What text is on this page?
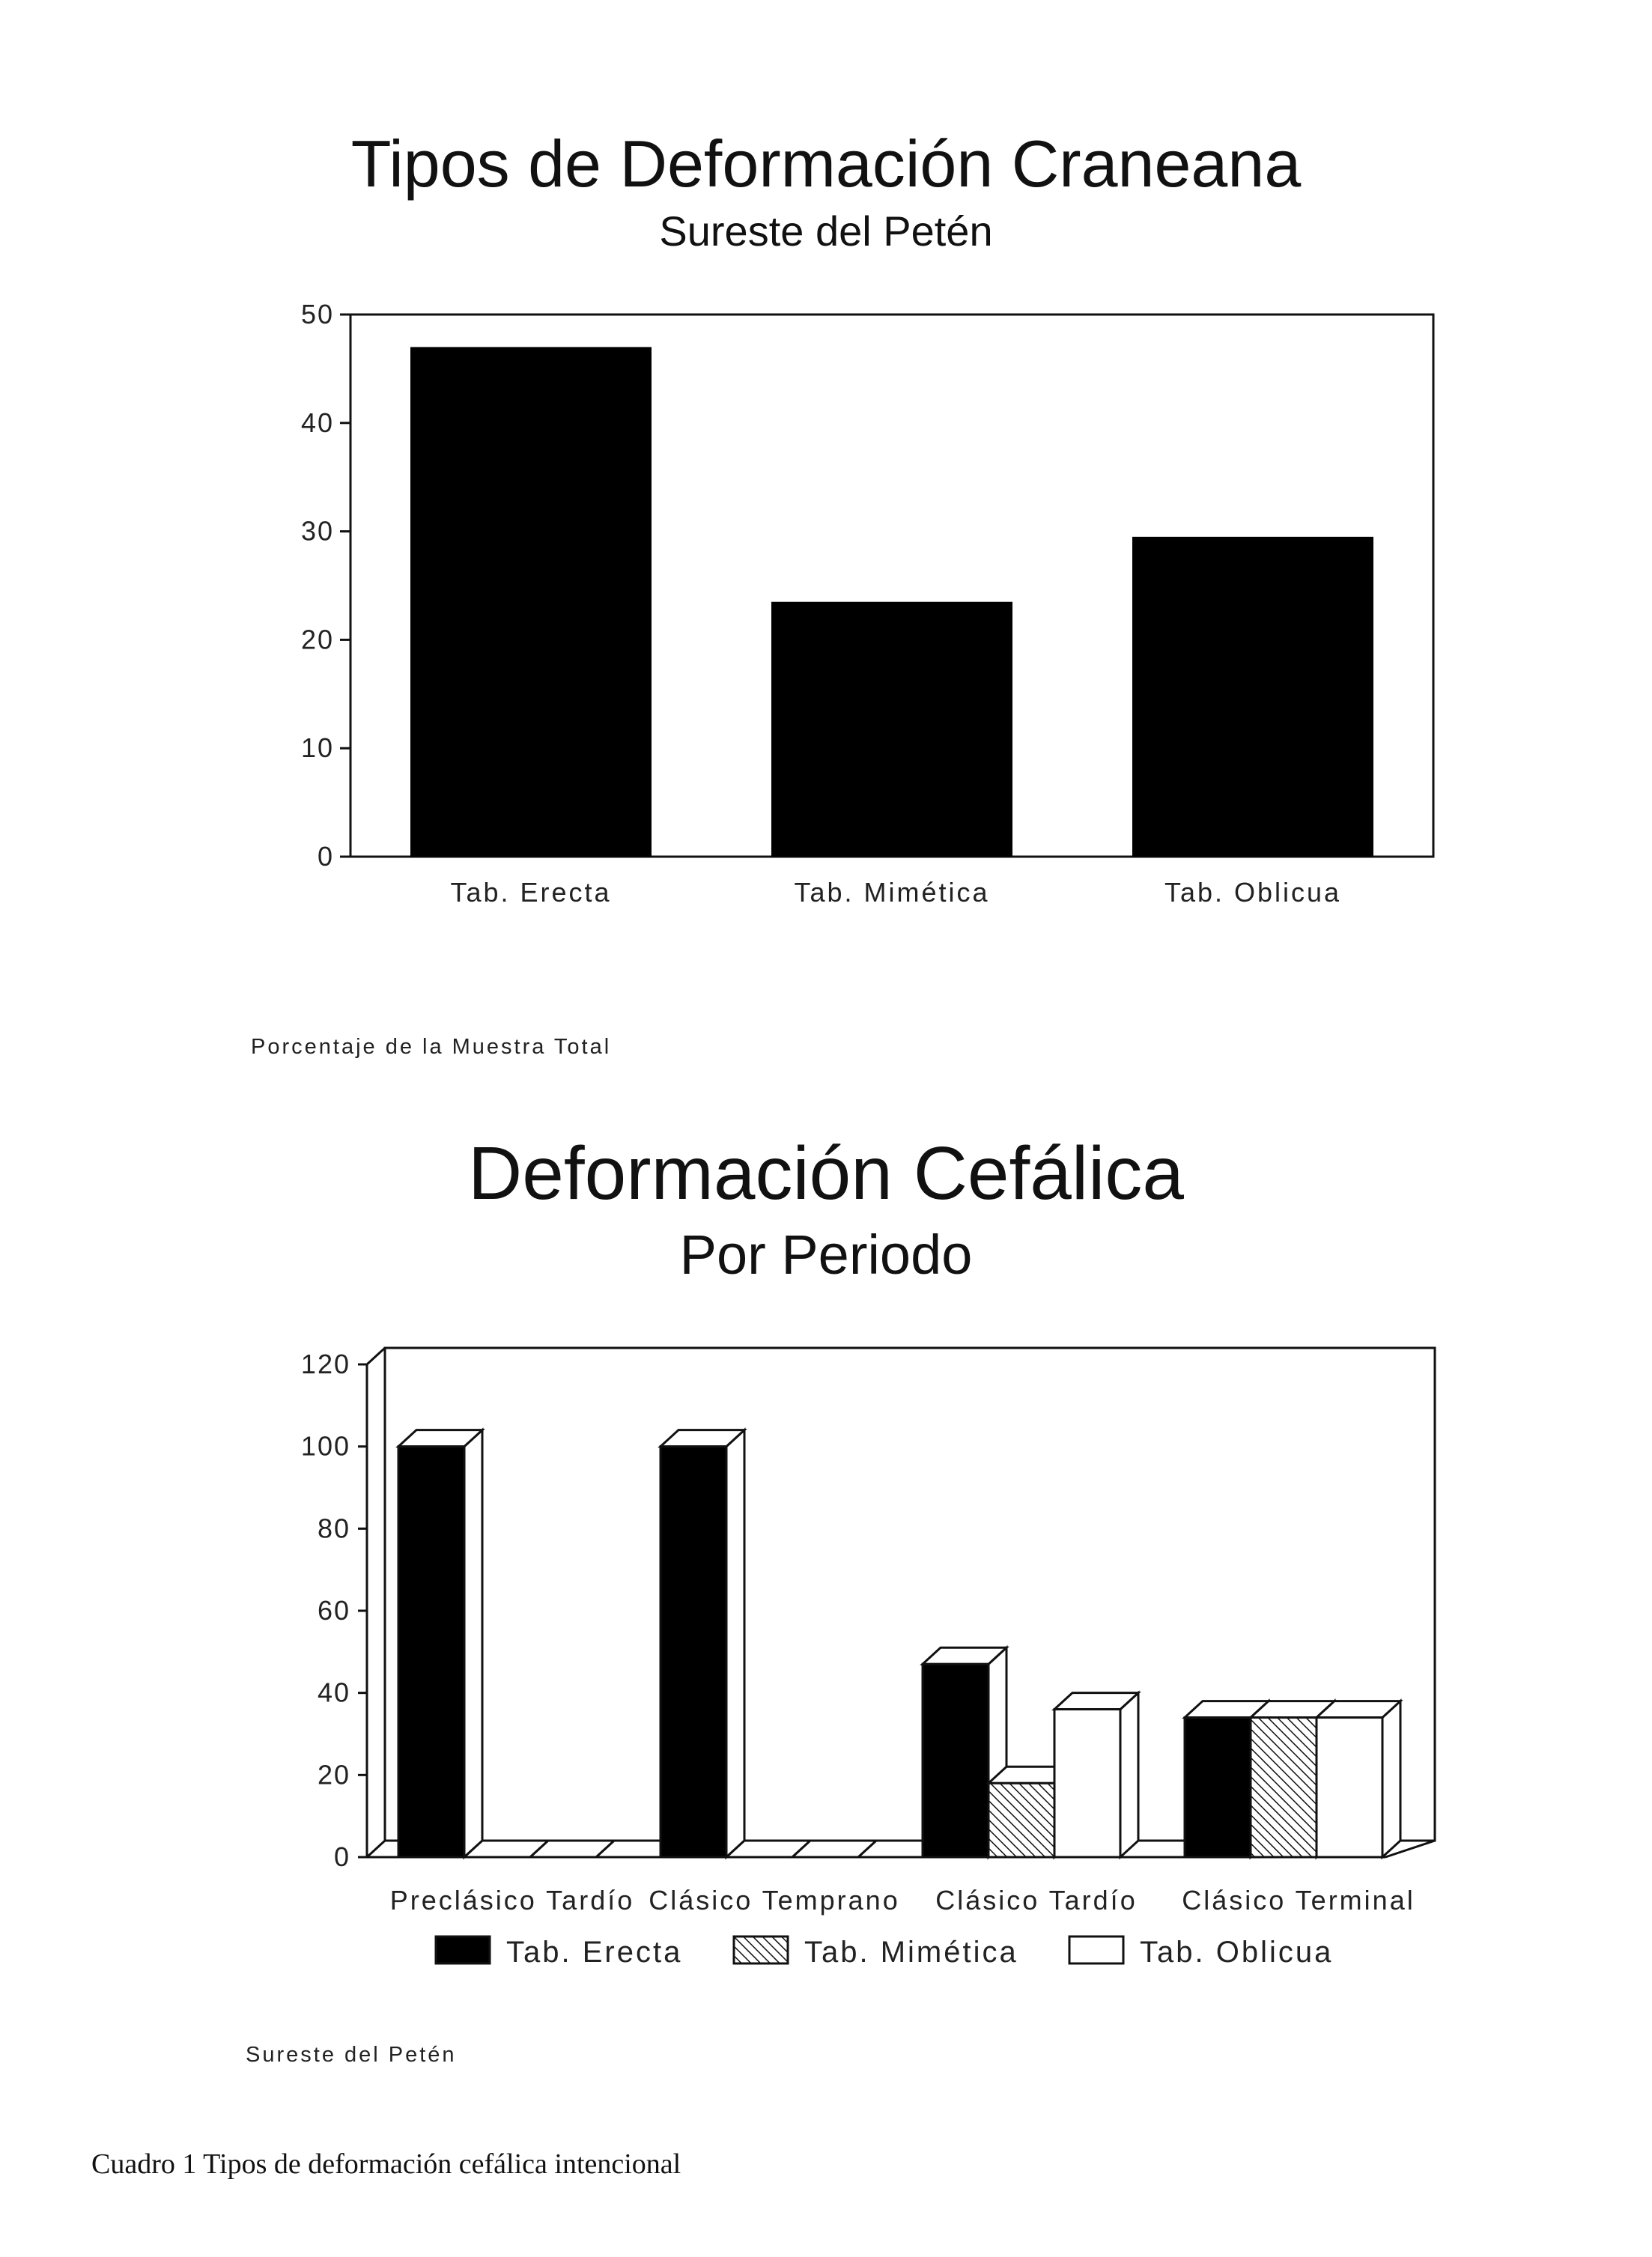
Tipos de Deformación Craneana
Sureste del Petén
0
10
20
30
40
50
Tab. Erecta	Tab. Mimética	Tab. Oblicua
Porcentaje de la Muestra Total
Deformación Cefálica
Por Periodo
0
20
40
60
80
100
120
Preclásico Tardío Clásico Temprano Clásico Tardío Clásico Terminal
Tab. Erecta	Tab. Mimética	Tab. Oblicua
Sureste del Petén
Cuadro 1 Tipos de deformación cefálica intencional
